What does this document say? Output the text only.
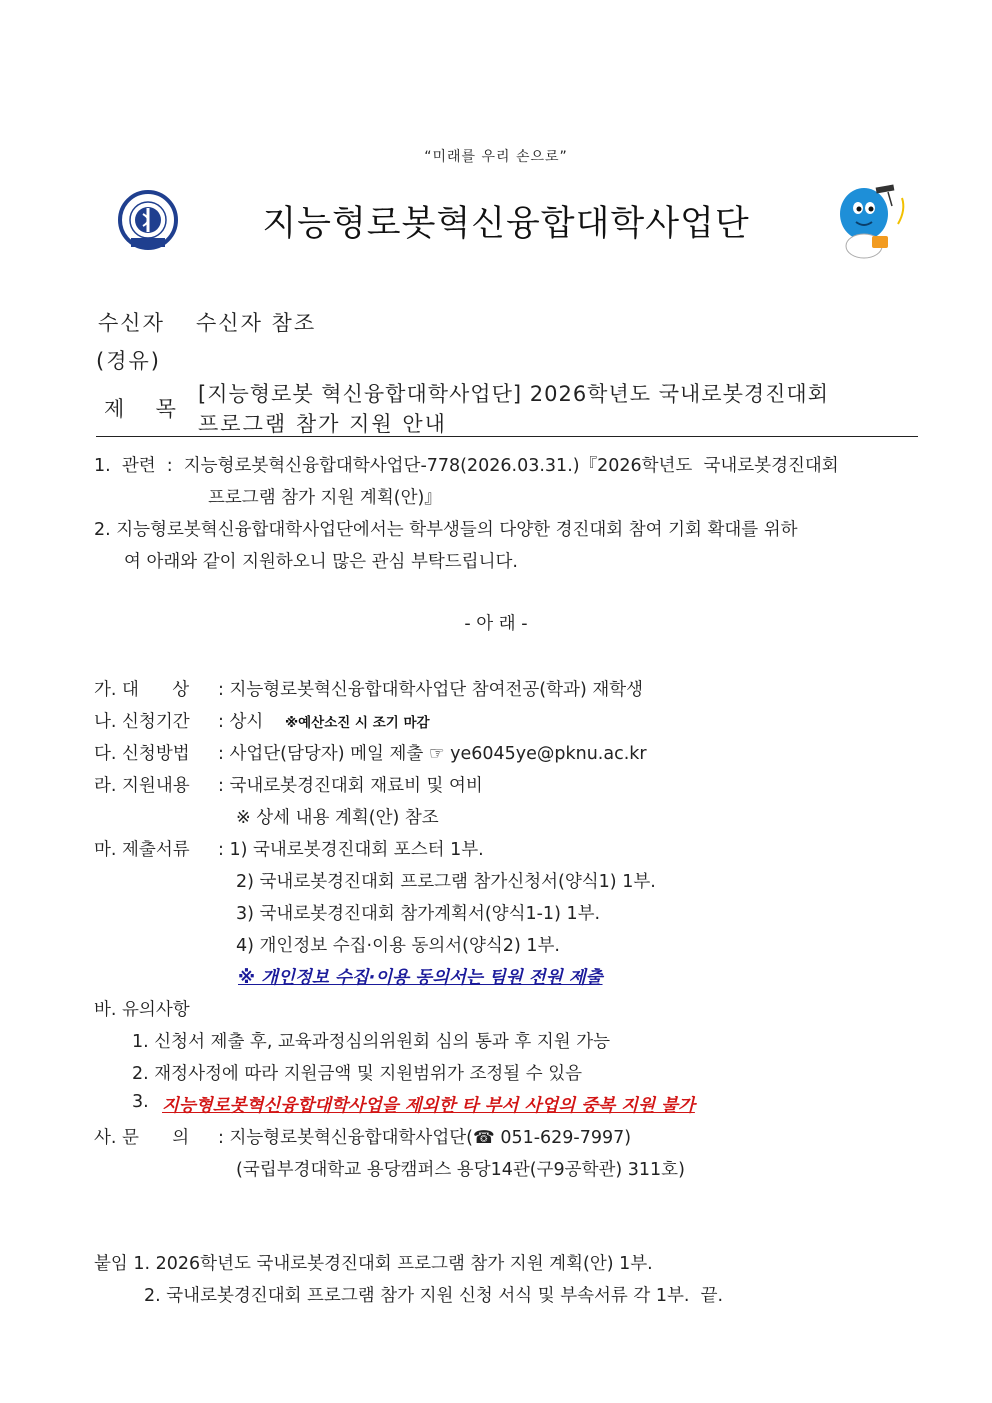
“미래를 우리 손으로”
지능형로봇혁신융합대학사업단
수신자 수신자 참조
(경유)
제  목
[지능형로봇 혁신융합대학사업단] 2026학년도 국내로봇경진대회
프로그램 참가 지원 안내
1.  관련  :  지능형로봇혁신융합대학사업단-778(2026.03.31.)『2026학년도  국내로봇경진대회
프로그램 참가 지원 계획(안)』
2. 지능형로봇혁신융합대학사업단에서는 학부생들의 다양한 경진대회 참여 기회 확대를 위하
여 아래와 같이 지원하오니 많은 관심 부탁드립니다.
- 아 래 -
가. 대      상 : 지능형로봇혁신융합대학사업단 참여전공(학과) 재학생
나. 신청기간 : 상시 ※예산소진 시 조기 마감
다. 신청방법 : 사업단(담당자) 메일 제출 ☞ ye6045ye@pknu.ac.kr
라. 지원내용 : 국내로봇경진대회 재료비 및 여비
※ 상세 내용 계획(안) 참조
마. 제출서류 : 1) 국내로봇경진대회 포스터 1부.
2) 국내로봇경진대회 프로그램 참가신청서(양식1) 1부.
3) 국내로봇경진대회 참가계획서(양식1-1) 1부.
4) 개인정보 수집·이용 동의서(양식2) 1부.
※ 개인정보 수집·이용 동의서는 팀원 전원 제출
바. 유의사항
1. 신청서 제출 후, 교육과정심의위원회 심의 통과 후 지원 가능
2. 재정사정에 따라 지원금액 및 지원범위가 조정될 수 있음
3. 지능형로봇혁신융합대학사업을 제외한 타 부서 사업의 중복 지원 불가
사. 문      의 : 지능형로봇혁신융합대학사업단(☎ 051-629-7997)
(국립부경대학교 용당캠퍼스 용당14관(구9공학관) 311호)
붙임 1. 2026학년도 국내로봇경진대회 프로그램 참가 지원 계획(안) 1부.
2. 국내로봇경진대회 프로그램 참가 지원 신청 서식 및 부속서류 각 1부.  끝.
